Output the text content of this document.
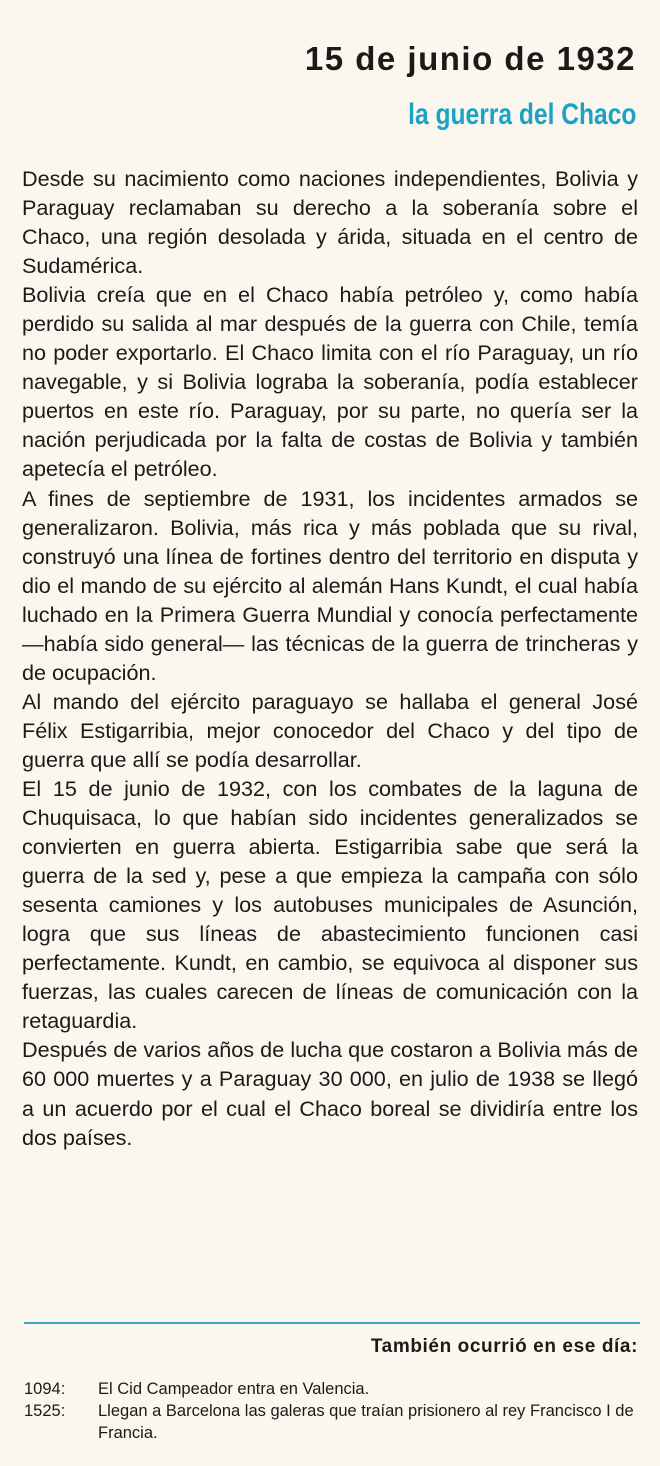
15 de junio de 1932
la guerra del Chaco

Desde su nacimiento como naciones independientes, Bolivia y Paraguay reclamaban su derecho a la soberanía sobre el Chaco, una región desolada y árida, situada en el centro de Sudamérica.

Bolivia creía que en el Chaco había petróleo y, como había perdido su salida al mar después de la guerra con Chile, temía no poder exportarlo. El Chaco limita con el río Paraguay, un río navegable, y si Bolivia lograba la soberanía, podía establecer puertos en este río. Paraguay, por su parte, no quería ser la nación perjudicada por la falta de costas de Bolivia y también apetecía el petróleo.

A fines de septiembre de 1931, los incidentes armados se generalizaron. Bolivia, más rica y más poblada que su rival, construyó una línea de fortines dentro del territorio en disputa y dio el mando de su ejército al alemán Hans Kundt, el cual había luchado en la Primera Guerra Mundial y conocía perfectamente —había sido general— las técnicas de la guerra de trincheras y de ocupación.

Al mando del ejército paraguayo se hallaba el general José Félix Estigarribia, mejor conocedor del Chaco y del tipo de guerra que allí se podía desarrollar.

El 15 de junio de 1932, con los combates de la laguna de Chuquisaca, lo que habían sido incidentes generalizados se convierten en guerra abierta. Estigarribia sabe que será la guerra de la sed y, pese a que empieza la campaña con sólo sesenta camiones y los autobuses municipales de Asunción, logra que sus líneas de abastecimiento funcionen casi perfectamente. Kundt, en cambio, se equivoca al disponer sus fuerzas, las cuales carecen de líneas de comunicación con la retaguardia.

Después de varios años de lucha que costaron a Bolivia más de 60 000 muertes y a Paraguay 30 000, en julio de 1938 se llegó a un acuerdo por el cual el Chaco boreal se dividiría entre los dos países.

También ocurrió en ese día:
1094:	El Cid Campeador entra en Valencia.
1525:	Llegan a Barcelona las galeras que traían prisionero al rey Francisco I de Francia.
